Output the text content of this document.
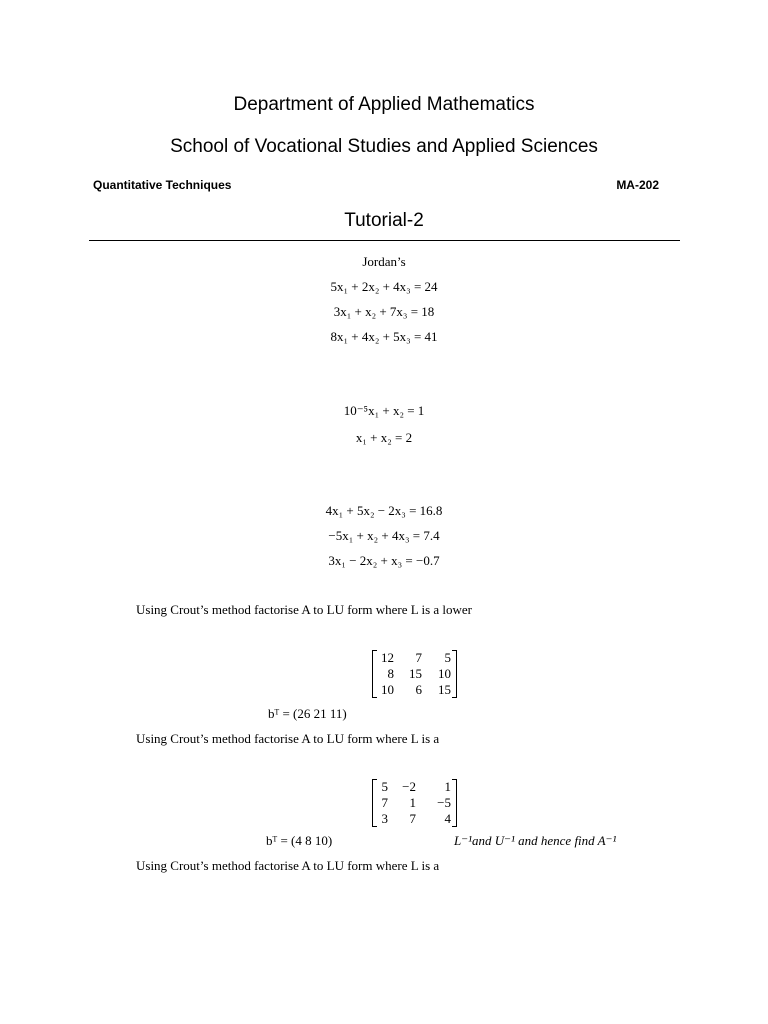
Department of Applied Mathematics
School of Vocational Studies and Applied Sciences
Quantitative Techniques	MA-202
Tutorial-2
Jordan’s
5x₁ + 2x₂ + 4x₃ = 24
3x₁ + x₂ + 7x₃ = 18
8x₁ + 4x₂ + 5x₃ = 41
10⁻⁵x₁ + x₂ = 1
x₁ + x₂ = 2
4x₁ + 5x₂ − 2x₃ = 16.8
−5x₁ + x₂ + 4x₃ = 7.4
3x₁ − 2x₂ + x₃ = −0.7
Using Crout’s method factorise A to LU form where L is a lower
12	7	5
8	15	10
10	6	15
bᵀ = (26 21 11)
Using Crout’s method factorise A to LU form where L is a
5	−2	1
7	1	−5
3	7	4
bᵀ = (4 8 10)	L⁻¹and U⁻¹ and hence find A⁻¹
Using Crout’s method factorise A to LU form where L is a
